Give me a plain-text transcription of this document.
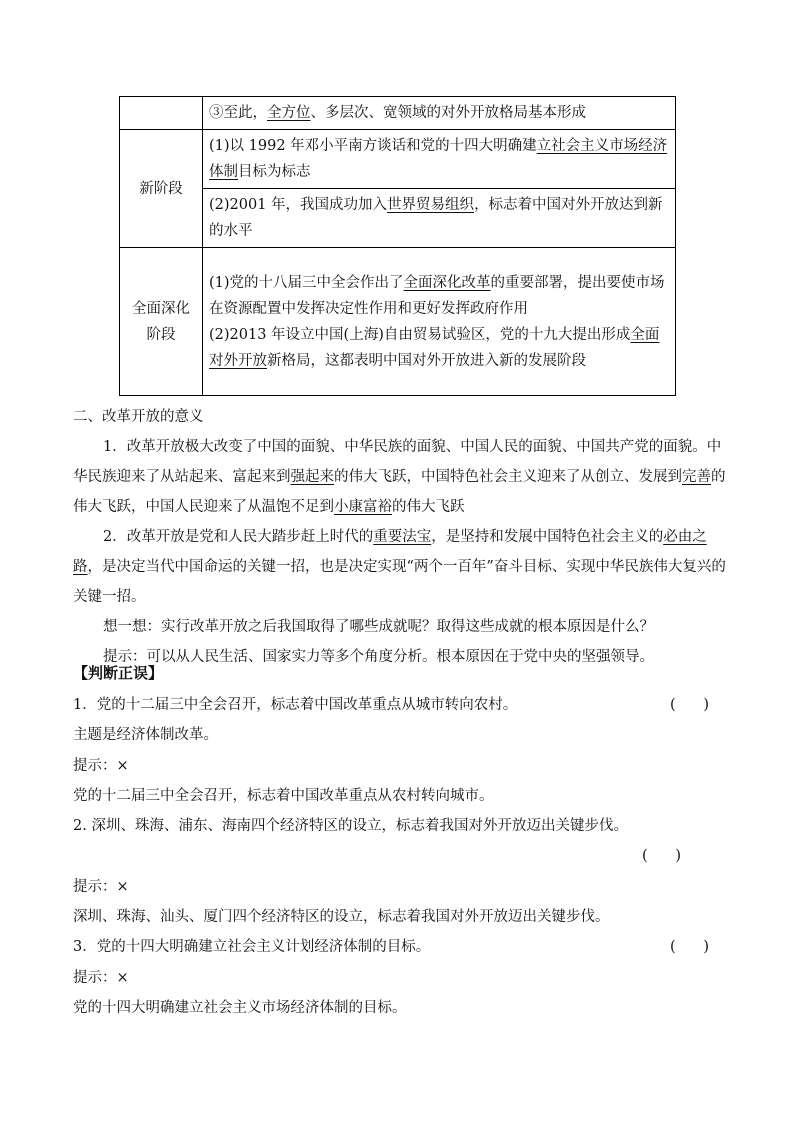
	③至此，全方位、多层次、宽领域的对外开放格局基本形成
新阶段	(1)以 1992 年邓小平南方谈话和党的十四大明确建立社会主义市场经济体制目标为标志
	(2)2001 年，我国成功加入世界贸易组织，标志着中国对外开放达到新的水平
全面深化
阶段	(1)党的十八届三中全会作出了全面深化改革的重要部署，提出要使市场在资源配置中发挥决定性作用和更好发挥政府作用
(2)2013 年设立中国(上海)自由贸易试验区，党的十九大提出形成全面对外开放新格局，这都表明中国对外开放进入新的发展阶段

二、改革开放的意义

1．改革开放极大改变了中国的面貌、中华民族的面貌、中国人民的面貌、中国共产党的面貌。中华民族迎来了从站起来、富起来到强起来的伟大飞跃，中国特色社会主义迎来了从创立、发展到完善的伟大飞跃，中国人民迎来了从温饱不足到小康富裕的伟大飞跃

2．改革开放是党和人民大踏步赶上时代的重要法宝，是坚持和发展中国特色社会主义的必由之路，是决定当代中国命运的关键一招，也是决定实现“两个一百年”奋斗目标、实现中华民族伟大复兴的关键一招。

想一想：实行改革开放之后我国取得了哪些成就呢？取得这些成就的根本原因是什么？

提示：可以从人民生活、国家实力等多个角度分析。根本原因在于党中央的坚强领导。

【判断正误】

1．党的十二届三中全会召开，标志着中国改革重点从城市转向农村。	(      )

主题是经济体制改革。

提示：×

党的十二届三中全会召开，标志着中国改革重点从农村转向城市。

2. 深圳、珠海、浦东、海南四个经济特区的设立，标志着我国对外开放迈出关键步伐。

(      )

提示：×

深圳、珠海、汕头、厦门四个经济特区的设立，标志着我国对外开放迈出关键步伐。

3．党的十四大明确建立社会主义计划经济体制的目标。	(      )

提示：×

党的十四大明确建立社会主义市场经济体制的目标。
